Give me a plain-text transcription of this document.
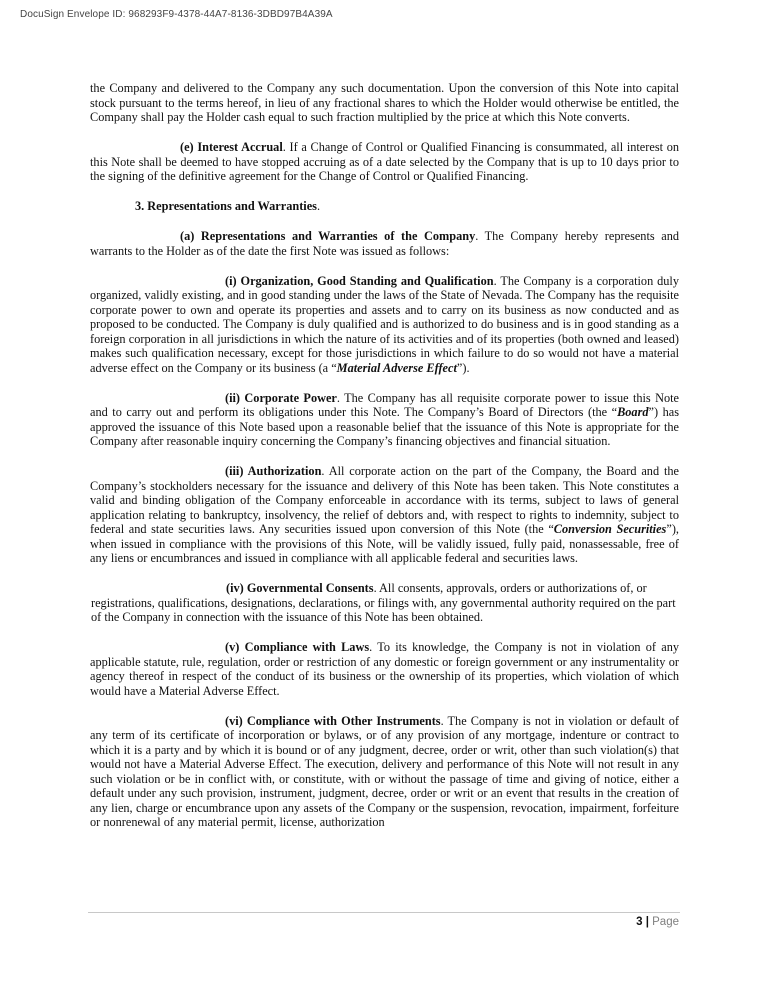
DocuSign Envelope ID: 968293F9-4378-44A7-8136-3DBD97B4A39A

the Company and delivered to the Company any such documentation. Upon the conversion of this Note into capital stock pursuant to the terms hereof, in lieu of any fractional shares to which the Holder would otherwise be entitled, the Company shall pay the Holder cash equal to such fraction multiplied by the price at which this Note converts.

(e) Interest Accrual. If a Change of Control or Qualified Financing is consummated, all interest on this Note shall be deemed to have stopped accruing as of a date selected by the Company that is up to 10 days prior to the signing of the definitive agreement for the Change of Control or Qualified Financing.

3. Representations and Warranties.

(a) Representations and Warranties of the Company. The Company hereby represents and warrants to the Holder as of the date the first Note was issued as follows:

(i) Organization, Good Standing and Qualification. The Company is a corporation duly organized, validly existing, and in good standing under the laws of the State of Nevada. The Company has the requisite corporate power to own and operate its properties and assets and to carry on its business as now conducted and as proposed to be conducted. The Company is duly qualified and is authorized to do business and is in good standing as a foreign corporation in all jurisdictions in which the nature of its activities and of its properties (both owned and leased) makes such qualification necessary, except for those jurisdictions in which failure to do so would not have a material adverse effect on the Company or its business (a “Material Adverse Effect”).

(ii) Corporate Power. The Company has all requisite corporate power to issue this Note and to carry out and perform its obligations under this Note. The Company’s Board of Directors (the “Board”) has approved the issuance of this Note based upon a reasonable belief that the issuance of this Note is appropriate for the Company after reasonable inquiry concerning the Company’s financing objectives and financial situation.

(iii) Authorization. All corporate action on the part of the Company, the Board and the Company’s stockholders necessary for the issuance and delivery of this Note has been taken. This Note constitutes a valid and binding obligation of the Company enforceable in accordance with its terms, subject to laws of general application relating to bankruptcy, insolvency, the relief of debtors and, with respect to rights to indemnity, subject to federal and state securities laws. Any securities issued upon conversion of this Note (the “Conversion Securities”), when issued in compliance with the provisions of this Note, will be validly issued, fully paid, nonassessable, free of any liens or encumbrances and issued in compliance with all applicable federal and securities laws.

(iv) Governmental Consents. All consents, approvals, orders or authorizations of, or registrations, qualifications, designations, declarations, or filings with, any governmental authority required on the part of the Company in connection with the issuance of this Note has been obtained.

(v) Compliance with Laws. To its knowledge, the Company is not in violation of any applicable statute, rule, regulation, order or restriction of any domestic or foreign government or any instrumentality or agency thereof in respect of the conduct of its business or the ownership of its properties, which violation of which would have a Material Adverse Effect.

(vi) Compliance with Other Instruments. The Company is not in violation or default of any term of its certificate of incorporation or bylaws, or of any provision of any mortgage, indenture or contract to which it is a party and by which it is bound or of any judgment, decree, order or writ, other than such violation(s) that would not have a Material Adverse Effect. The execution, delivery and performance of this Note will not result in any such violation or be in conflict with, or constitute, with or without the passage of time and giving of notice, either a default under any such provision, instrument, judgment, decree, order or writ or an event that results in the creation of any lien, charge or encumbrance upon any assets of the Company or the suspension, revocation, impairment, forfeiture or nonrenewal of any material permit, license, authorization

3 | Page
